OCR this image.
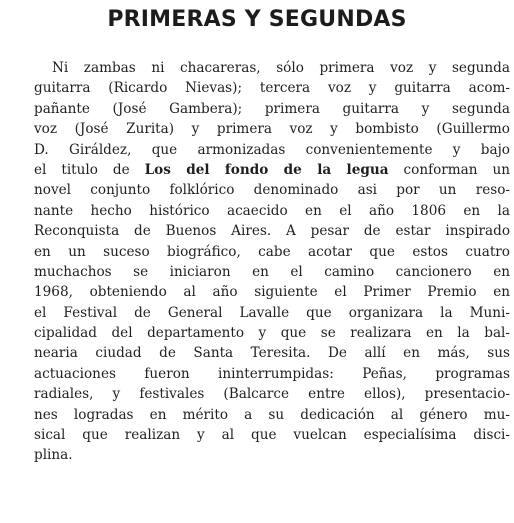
PRIMERAS Y SEGUNDAS
Ni zambas ni chacareras, sólo primera voz y segunda
guitarra (Ricardo Nievas); tercera voz y guitarra acom-
pañante (José Gambera); primera guitarra y segunda
voz (José Zurita) y primera voz y bombisto (Guillermo
D. Giráldez, que armonizadas convenientemente y bajo
el titulo de Los del fondo de la legua conforman un
novel conjunto folklórico denominado asi por un reso-
nante hecho histórico acaecido en el año 1806 en la
Reconquista de Buenos Aires. A pesar de estar inspirado
en un suceso biográfico, cabe acotar que estos cuatro
muchachos se iniciaron en el camino cancionero en
1968, obteniendo al año siguiente el Primer Premio en
el Festival de General Lavalle que organizara la Muni-
cipalidad del departamento y que se realizara en la bal-
nearia ciudad de Santa Teresita. De allí en más, sus
actuaciones fueron ininterrumpidas: Peñas, programas
radiales, y festivales (Balcarce entre ellos), presentacio-
nes logradas en mérito a su dedicación al género mu-
sical que realizan y al que vuelcan especialísima disci-
plina.
